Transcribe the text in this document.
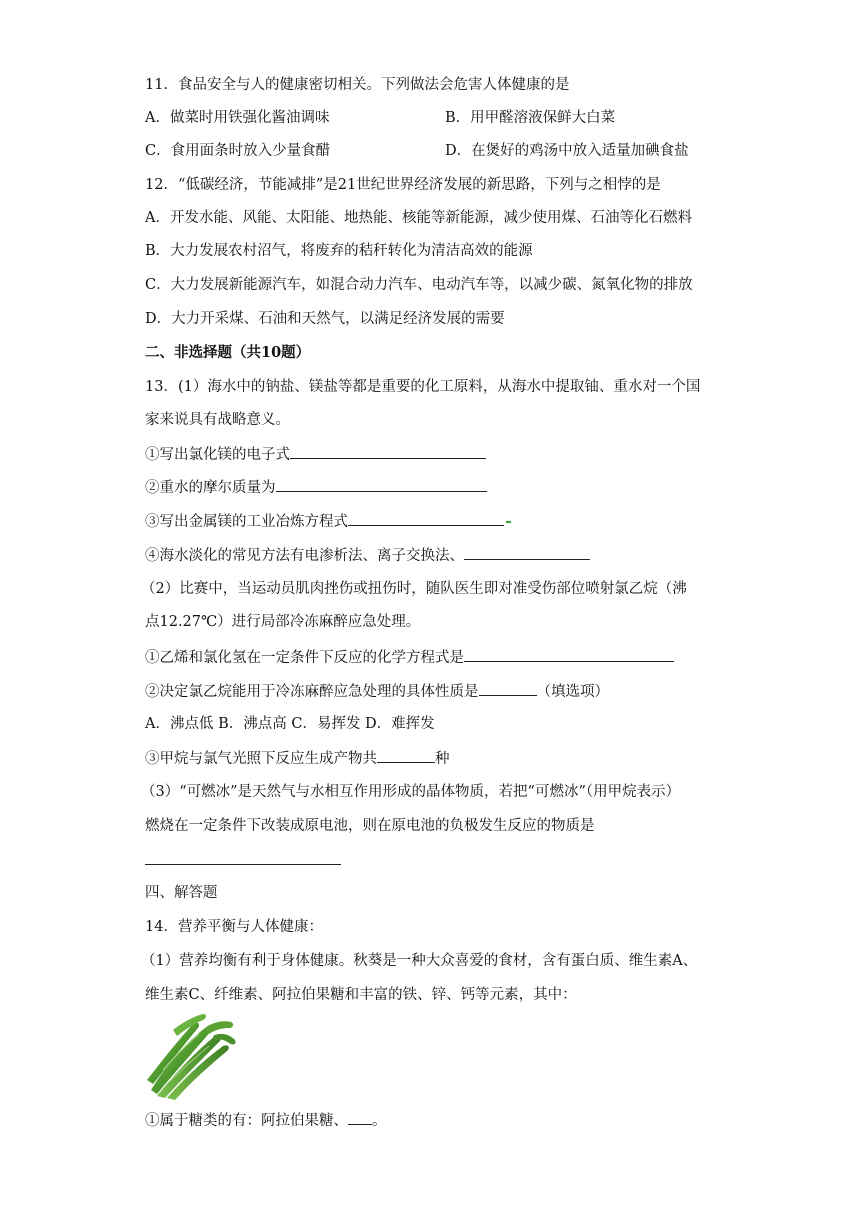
11．食品安全与人的健康密切相关。下列做法会危害人体健康的是
A．做菜时用铁强化酱油调味	B．用甲醛溶液保鲜大白菜
C．食用面条时放入少量食醋	D．在煲好的鸡汤中放入适量加碘食盐
12．“低碳经济，节能减排”是21世纪世界经济发展的新思路，下列与之相悖的是
A．开发水能、风能、太阳能、地热能、核能等新能源，减少使用煤、石油等化石燃料
B．大力发展农村沼气，将废弃的秸秆转化为清洁高效的能源
C．大力发展新能源汽车，如混合动力汽车、电动汽车等，以减少碳、氮氧化物的排放
D．大力开采煤、石油和天然气，以满足经济发展的需要
二、非选择题（共10题）
13．(1）海水中的钠盐、镁盐等都是重要的化工原料，从海水中提取铀、重水对一个国
家来说具有战略意义。
①写出氯化镁的电子式
②重水的摩尔质量为
③写出金属镁的工业冶炼方程式
④海水淡化的常见方法有电渗析法、离子交换法、
（2）比赛中，当运动员肌肉挫伤或扭伤时，随队医生即对准受伤部位喷射氯乙烷（沸
点12.27℃）进行局部冷冻麻醉应急处理。
①乙烯和氯化氢在一定条件下反应的化学方程式是
②决定氯乙烷能用于冷冻麻醉应急处理的具体性质是	（填选项）
A．沸点低 B．沸点高 C．易挥发 D．难挥发
③甲烷与氯气光照下反应生成产物共	种
（3）“可燃冰”是天然气与水相互作用形成的晶体物质，若把“可燃冰”（用甲烷表示）
燃烧在一定条件下改装成原电池，则在原电池的负极发生反应的物质是
四、解答题
14．营养平衡与人体健康：
（1）营养均衡有利于身体健康。秋葵是一种大众喜爱的食材，含有蛋白质、维生素A、
维生素C、纤维素、阿拉伯果糖和丰富的铁、锌、钙等元素，其中：
①属于糖类的有：阿拉伯果糖、 。
